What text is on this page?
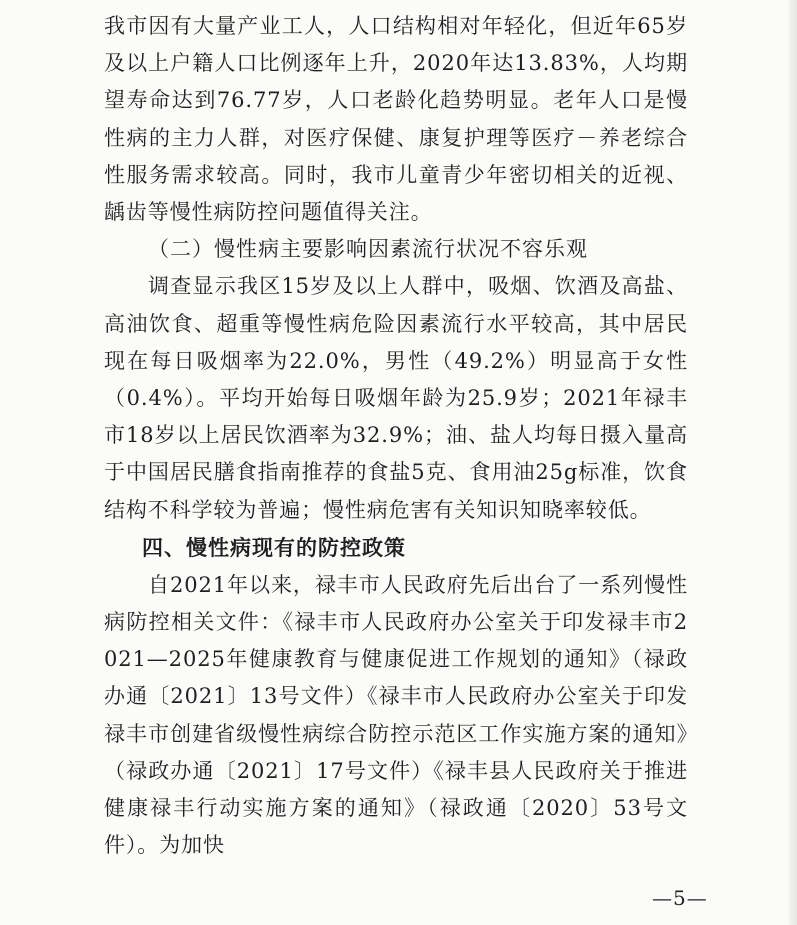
我市因有大量产业工人，人口结构相对年轻化，但近年65岁及以上户籍人口比例逐年上升，2020年达13.83%，人均期望寿命达到76.77岁，人口老龄化趋势明显。老年人口是慢性病的主力人群，对医疗保健、康复护理等医疗－养老综合性服务需求较高。同时，我市儿童青少年密切相关的近视、龋齿等慢性病防控问题值得关注。

（二）慢性病主要影响因素流行状况不容乐观

调查显示我区15岁及以上人群中，吸烟、饮酒及高盐、高油饮食、超重等慢性病危险因素流行水平较高，其中居民现在每日吸烟率为22.0%，男性（49.2%）明显高于女性（0.4%）。平均开始每日吸烟年龄为25.9岁；2021年禄丰市18岁以上居民饮酒率为32.9%；油、盐人均每日摄入量高于中国居民膳食指南推荐的食盐5克、食用油25g标准，饮食结构不科学较为普遍；慢性病危害有关知识知晓率较低。

四、慢性病现有的防控政策

自2021年以来，禄丰市人民政府先后出台了一系列慢性病防控相关文件：《禄丰市人民政府办公室关于印发禄丰市2021—2025年健康教育与健康促进工作规划的通知》（禄政办通〔2021〕13号文件）《禄丰市人民政府办公室关于印发禄丰市创建省级慢性病综合防控示范区工作实施方案的通知》（禄政办通〔2021〕17号文件）《禄丰县人民政府关于推进健康禄丰行动实施方案的通知》（禄政通〔2020〕53号文件）。为加快

—5—
